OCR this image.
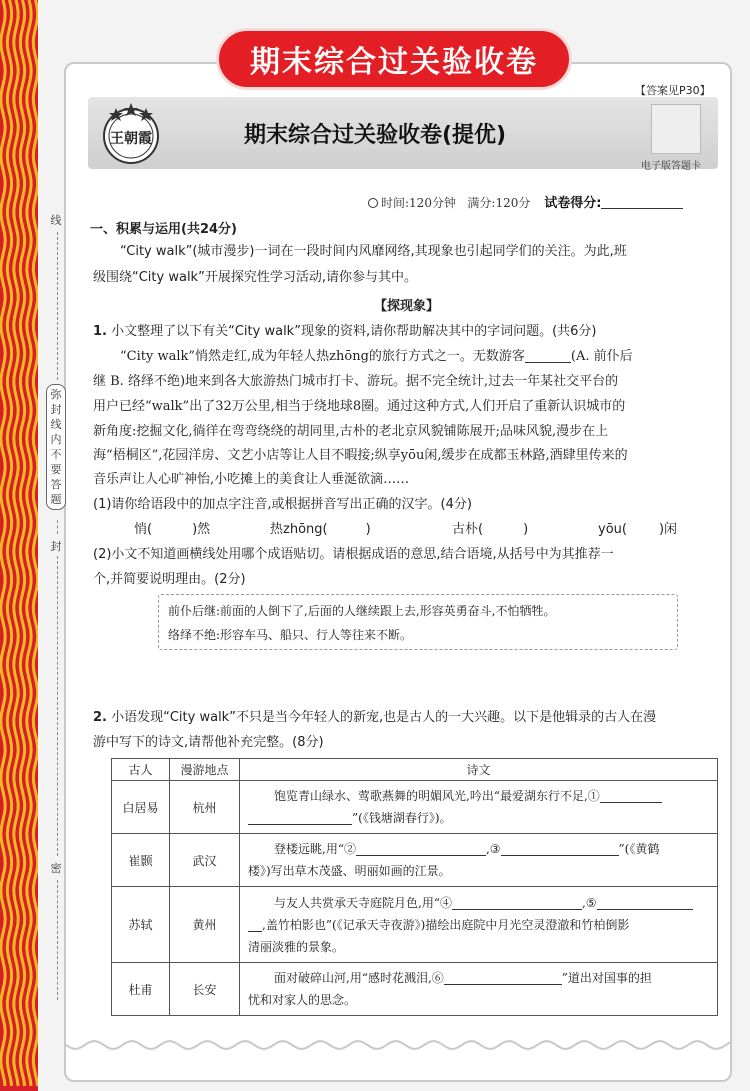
期末综合过关验收卷
【答案见P30】
王朝霞	期末综合过关验收卷(提优)
电子版答题卡
时间:120分钟 满分:120分 试卷得分:
线
弥
封
线
内
不
要
答
题
封
密
一、积累与运用(共24分)
“City walk”(城市漫步)一词在一段时间内风靡网络,其现象也引起同学们的关注。为此,班
级围绕“City walk”开展探究性学习活动,请你参与其中。
【探现象】
1. 小文整理了以下有关“City walk”现象的资料,请你帮助解决其中的字词问题。(共6分)
“City walk”悄然走红,成为年轻人热zhōng的旅行方式之一。无数游客	(A. 前仆后
继 B. 络绎不绝)地来到各大旅游热门城市打卡、游玩。据不完全统计,过去一年某社交平台的
用户已经“walk”出了32万公里,相当于绕地球8圈。通过这种方式,人们开启了重新认识城市的
新角度:挖掘文化,徜徉在弯弯绕绕的胡同里,古朴的老北京风貌铺陈展开;品味风貌,漫步在上
海“梧桐区”,花园洋房、文艺小店等让人目不暇接;纵享yōu闲,缓步在成都玉林路,酒肆里传来的
音乐声让人心旷神怡,小吃摊上的美食让人垂涎欲滴……
(1)请你给语段中的加点字注音,或根据拼音写出正确的汉字。(4分)
悄(	)然	热zhōng(	)	古朴(	)	yōu( )闲
(2)小文不知道画横线处用哪个成语贴切。请根据成语的意思,结合语境,从括号中为其推荐一
个,并简要说明理由。(2分)
前仆后继:前面的人倒下了,后面的人继续跟上去,形容英勇奋斗,不怕牺牲。
络绎不绝:形容车马、船只、行人等往来不断。
2. 小语发现“City walk”不只是当今年轻人的新宠,也是古人的一大兴趣。以下是他辑录的古人在漫
游中写下的诗文,请帮他补充完整。(8分)
古人	漫游地点	诗文
白居易	杭州	饱览青山绿水、莺歌燕舞的明媚风光,吟出“最爱湖东行不足,①
”(《钱塘湖春行》)。
崔颢	武汉	登楼远眺,用“② ,③ ”(《黄鹤
楼》)写出草木茂盛、明丽如画的江景。
苏轼	黄州	与友人共赏承天寺庭院月色,用“④ ,⑤
,盖竹柏影也”(《记承天寺夜游》)描绘出庭院中月光空灵澄澈和竹柏倒影
清丽淡雅的景象。
杜甫	长安	面对破碎山河,用“感时花溅泪,⑥ ”道出对国事的担
忧和对家人的思念。
